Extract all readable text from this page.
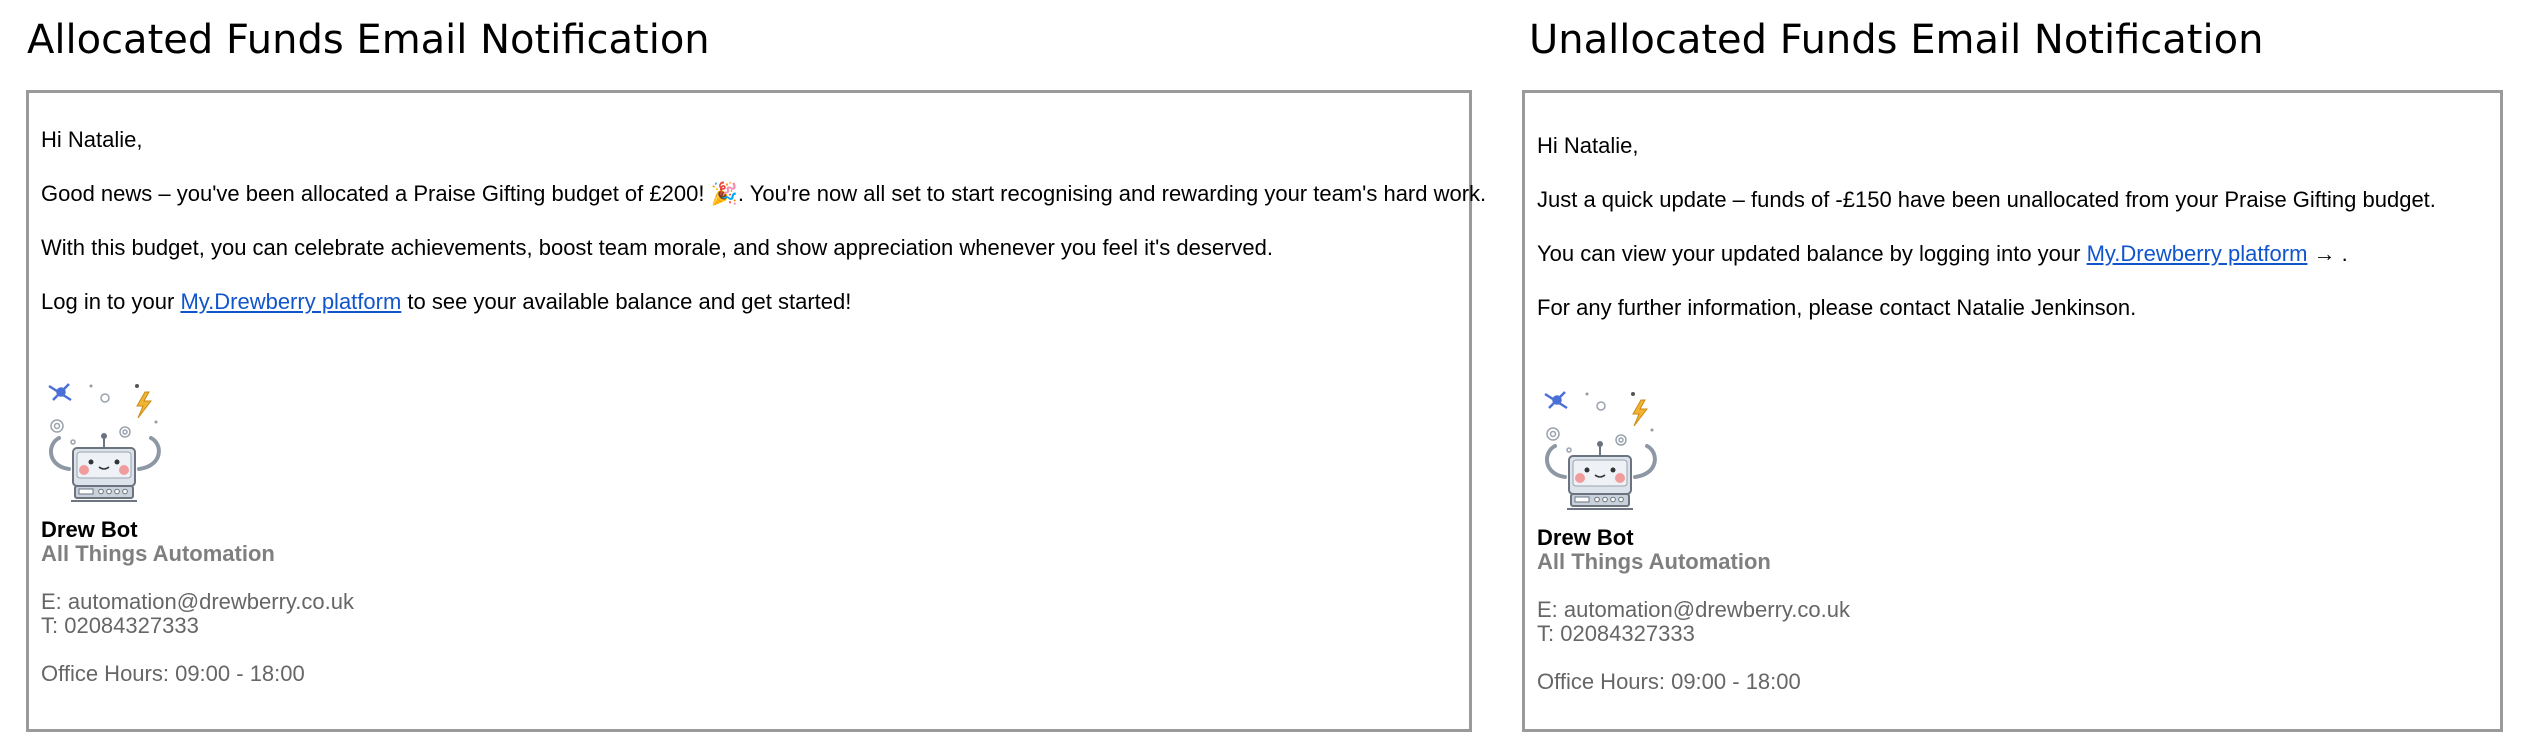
Allocated Funds Email Notification

Hi Natalie,

Good news – you've been allocated a Praise Gifting budget of £200! 🎉. You're now all set to start recognising and rewarding your team's hard work.

With this budget, you can celebrate achievements, boost team morale, and show appreciation whenever you feel it's deserved.

Log in to your My.Drewberry platform to see your available balance and get started!

Drew Bot
All Things Automation
E: automation@drewberry.co.uk
T: 02084327333
Office Hours: 09:00 - 18:00
Unallocated Funds Email Notification

Hi Natalie,

Just a quick update – funds of -£150 have been unallocated from your Praise Gifting budget.

You can view your updated balance by logging into your My.Drewberry platform → .

For any further information, please contact Natalie Jenkinson.

Drew Bot
All Things Automation
E: automation@drewberry.co.uk
T: 02084327333
Office Hours: 09:00 - 18:00
